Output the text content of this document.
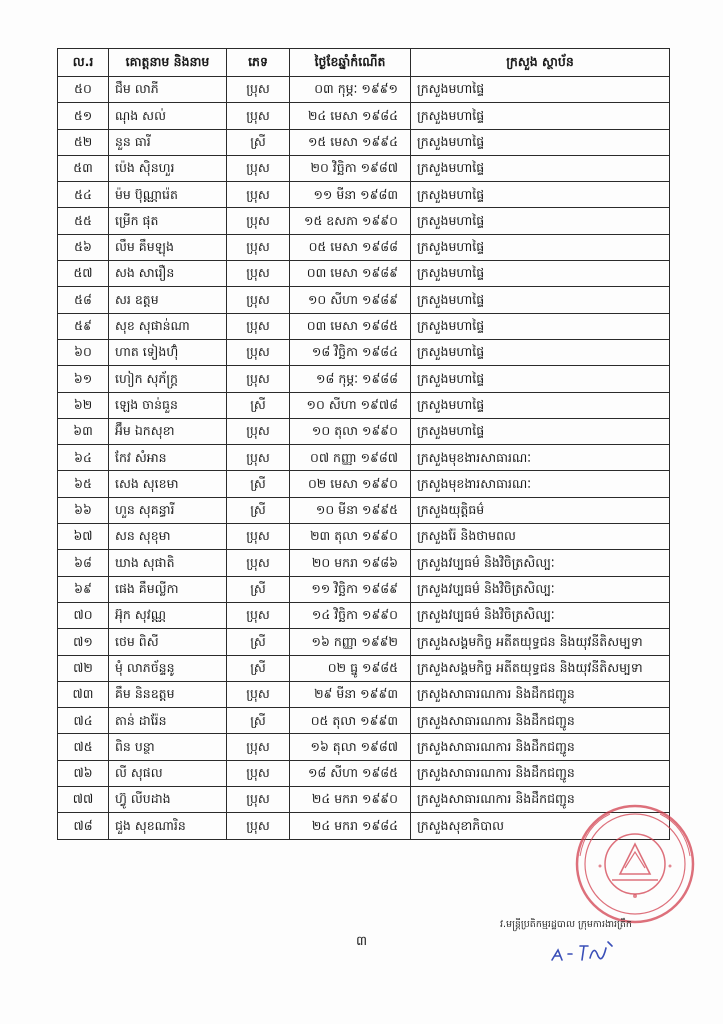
ល.រ	គោត្តនាម និងនាម	ភេទ	ថ្ងៃខែឆ្នាំកំណើត	ក្រសួង ស្ថាប័ន
៥០	ជឹម លាភី	ប្រុស	០៣ កុម្ភៈ ១៩៩១	ក្រសួងមហាផ្ទៃ
៥១	ណុង សល់	ប្រុស	២៤ មេសា ១៩៨៤	ក្រសួងមហាផ្ទៃ
៥២	នួន ធារី	ស្រី	១៥ មេសា ១៩៩៤	ក្រសួងមហាផ្ទៃ
៥៣	ប៉េង ស៊ិនហួរ	ប្រុស	២០ វិច្ឆិកា ១៩៨៧	ក្រសួងមហាផ្ទៃ
៥៤	ម៉ម ប៊ុណ្ណារ៉េត	ប្រុស	១១ មីនា ១៩៨៣	ក្រសួងមហាផ្ទៃ
៥៥	ម្រើក ផុត	ប្រុស	១៥ ឧសភា ១៩៩០	ក្រសួងមហាផ្ទៃ
៥៦	លឹម គឹមឡុង	ប្រុស	០៥ មេសា ១៩៨៨	ក្រសួងមហាផ្ទៃ
៥៧	សង សារឿន	ប្រុស	០៣ មេសា ១៩៨៩	ក្រសួងមហាផ្ទៃ
៥៨	សរ ឧត្តម	ប្រុស	១០ សីហា ១៩៨៩	ក្រសួងមហាផ្ទៃ
៥៩	សុខ សុផាន់ណា	ប្រុស	០៣ មេសា ១៩៨៥	ក្រសួងមហាផ្ទៃ
៦០	ហាត ទៀងហ៊ុំ	ប្រុស	១៨ វិច្ឆិកា ១៩៨៤	ក្រសួងមហាផ្ទៃ
៦១	ហៀក សុភ័ក្ត្រ	ប្រុស	១៨ កុម្ភៈ ១៩៨៨	ក្រសួងមហាផ្ទៃ
៦២	ឡេង ចាន់ធួន	ស្រី	១០ សីហា ១៩៧៨	ក្រសួងមហាផ្ទៃ
៦៣	អ៊ឹម ឯកសុខា	ប្រុស	១០ តុលា ១៩៩០	ក្រសួងមហាផ្ទៃ
៦៤	កែវ សំអាន	ប្រុស	០៧ កញ្ញា ១៩៨៧	ក្រសួងមុខងារសាធារណៈ
៦៥	សេង សុខេមា	ស្រី	០២ មេសា ១៩៩០	ក្រសួងមុខងារសាធារណៈ
៦៦	ហួន សុគន្ធារី	ស្រី	១០ មីនា ១៩៩៥	ក្រសួងយុត្តិធម៌
៦៧	សន សុខុមា	ប្រុស	២៣ តុលា ១៩៩០	ក្រសួងរ៉ែ និងថាមពល
៦៨	ឃាង សុផាតិ	ប្រុស	២០ មករា ១៩៨៦	ក្រសួងវប្បធម៌ និងវិចិត្រសិល្បៈ
៦៩	ផេង គឹមល្លីកា	ស្រី	១១ វិច្ឆិកា ១៩៨៩	ក្រសួងវប្បធម៌ និងវិចិត្រសិល្បៈ
៧០	អ៊ុក សុវណ្ណ	ប្រុស	១៤ វិច្ឆិកា ១៩៩០	ក្រសួងវប្បធម៌ និងវិចិត្រសិល្បៈ
៧១	ថេម ពិសី	ស្រី	១៦ កញ្ញា ១៩៩២	ក្រសួងសង្គមកិច្ច អតីតយុទ្ធជន និងយុវនីតិសម្បទា
៧២	មុំ លាភច័ន្ទនូ	ស្រី	០២ ធ្នូ ១៩៨៥	ក្រសួងសង្គមកិច្ច អតីតយុទ្ធជន និងយុវនីតិសម្បទា
៧៣	គឹម និនឧត្តម	ប្រុស	២៩ មីនា ១៩៩៣	ក្រសួងសាធារណការ និងដឹកជញ្ជូន
៧៤	តាន់ ដារ៉ែន	ស្រី	០៥ តុលា ១៩៩៣	ក្រសួងសាធារណការ និងដឹកជញ្ជូន
៧៥	ពិន បន្ថា	ប្រុស	១៦ តុលា ១៩៨៧	ក្រសួងសាធារណការ និងដឹកជញ្ជូន
៧៦	លី សុផល	ប្រុស	១៨ សីហា ១៩៨៥	ក្រសួងសាធារណការ និងដឹកជញ្ជូន
៧៧	ហ៊្វូ លីបដាង	ប្រុស	២៤ មករា ១៩៩០	ក្រសួងសាធារណការ និងដឹកជញ្ជូន
៧៨	ជួង សុខណារិន	ប្រុស	២៤ មករា ១៩៨៤	ក្រសួងសុខាភិបាល
វ.មន្ត្រីប្រតិកម្មរដ្ឋបាល ក្រុមការងារត្រឹក
៣
